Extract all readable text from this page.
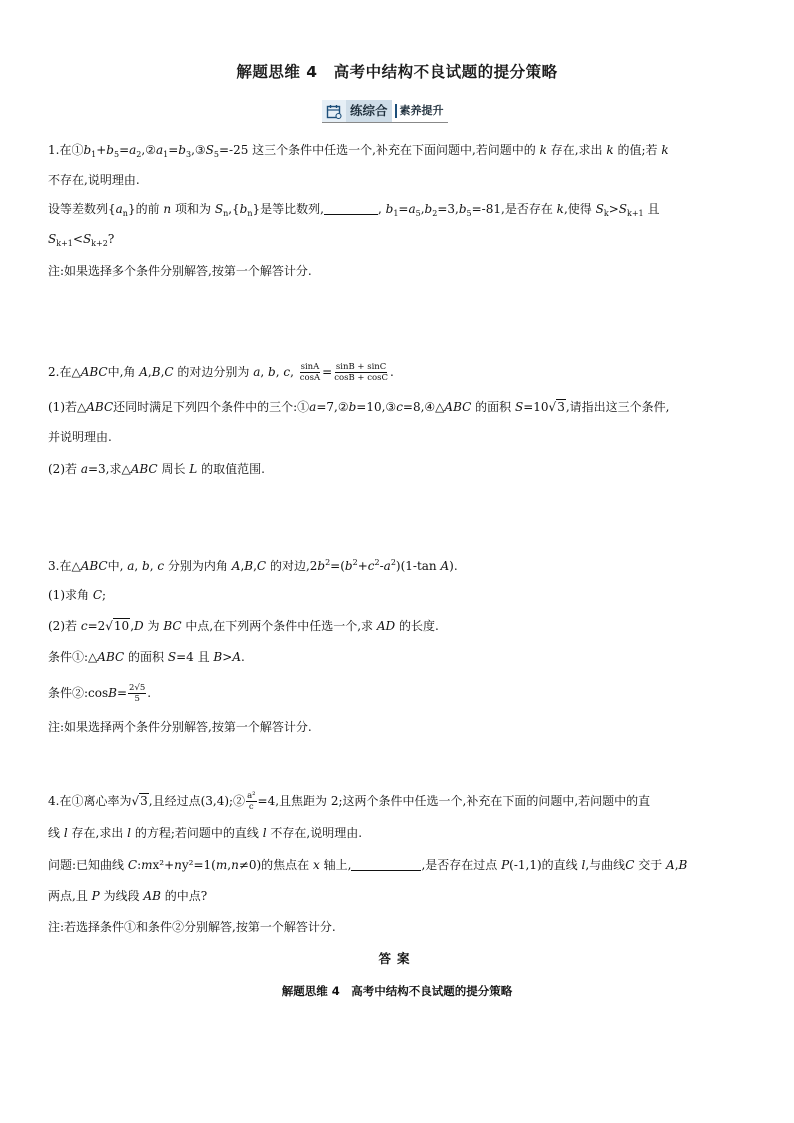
解题思维 4　高考中结构不良试题的提分策略
练综合	素养提升
1.在$①b_1+b_5=a_2,②a_1=b_3,③S_5=-25$ 这三个条件中任选一个,补充在下面问题中,若问题中的 k 存在,求出 k 的值;若 k
不存在,说明理由.
设等差数列$\{a_n\}$的前 n 项和为 $S_n,\{b_n\}$是等比数列,	, $b_1=a_5,b_2=3,b_5=-81$,是否存在 k,使得 $S_k>S_{k+1}$ 且
$S_{k+1}<S_{k+2}$?
注:如果选择多个条件分别解答,按第一个解答计分.
2.在△ABC中,角 A,B,C 的对边分别为 a, b, c, $\frac{\sin A}{\cos A} = \frac{\sin B + \sin C}{\cos B + \cos C}$ .
(1)若△ABC还同时满足下列四个条件中的三个:①a=7,②b=10,③c=8,④△ABC 的面积 S=10√3,请指出这三个条件,
并说明理由.
(2)若 a=3,求△ABC 周长 L 的取值范围.
3.在△ABC中, a, b, c 分别为内角 A,B,C 的对边$,2b^2=(b^2+c^2-a^2)(1-\tan$ A).
(1)求角 C;
(2)若 c=2√10,D 为 BC 中点,在下列两个条件中任选一个,求 AD 的长度.
条件①:△ABC 的面积 S=4 且 B>A.
条件②:cosB= $\frac{2√5}{5}$ .
注:如果选择两个条件分别解答,按第一个解答计分.
4.在①离心率为√3,且经过点(3,4);② $\frac{\text{a²}}{c} =4$,且焦距为 2;这两个条件中任选一个,补充在下面的问题中,若问题中的直
线 l 存在,求出 l 的方程;若问题中的直线 l 不存在,说明理由.
问题:已知曲线 C:mx²+ny²=1(m,n≠0)的焦点在 x 轴上,	,是否存在过点 P(-1,1)的直线 l,与曲线C 交于 A,B
两点,且 P 为线段 AB 的中点?
注:若选择条件①和条件②分别解答,按第一个解答计分.
答案
解题思维 4　高考中结构不良试题的提分策略
